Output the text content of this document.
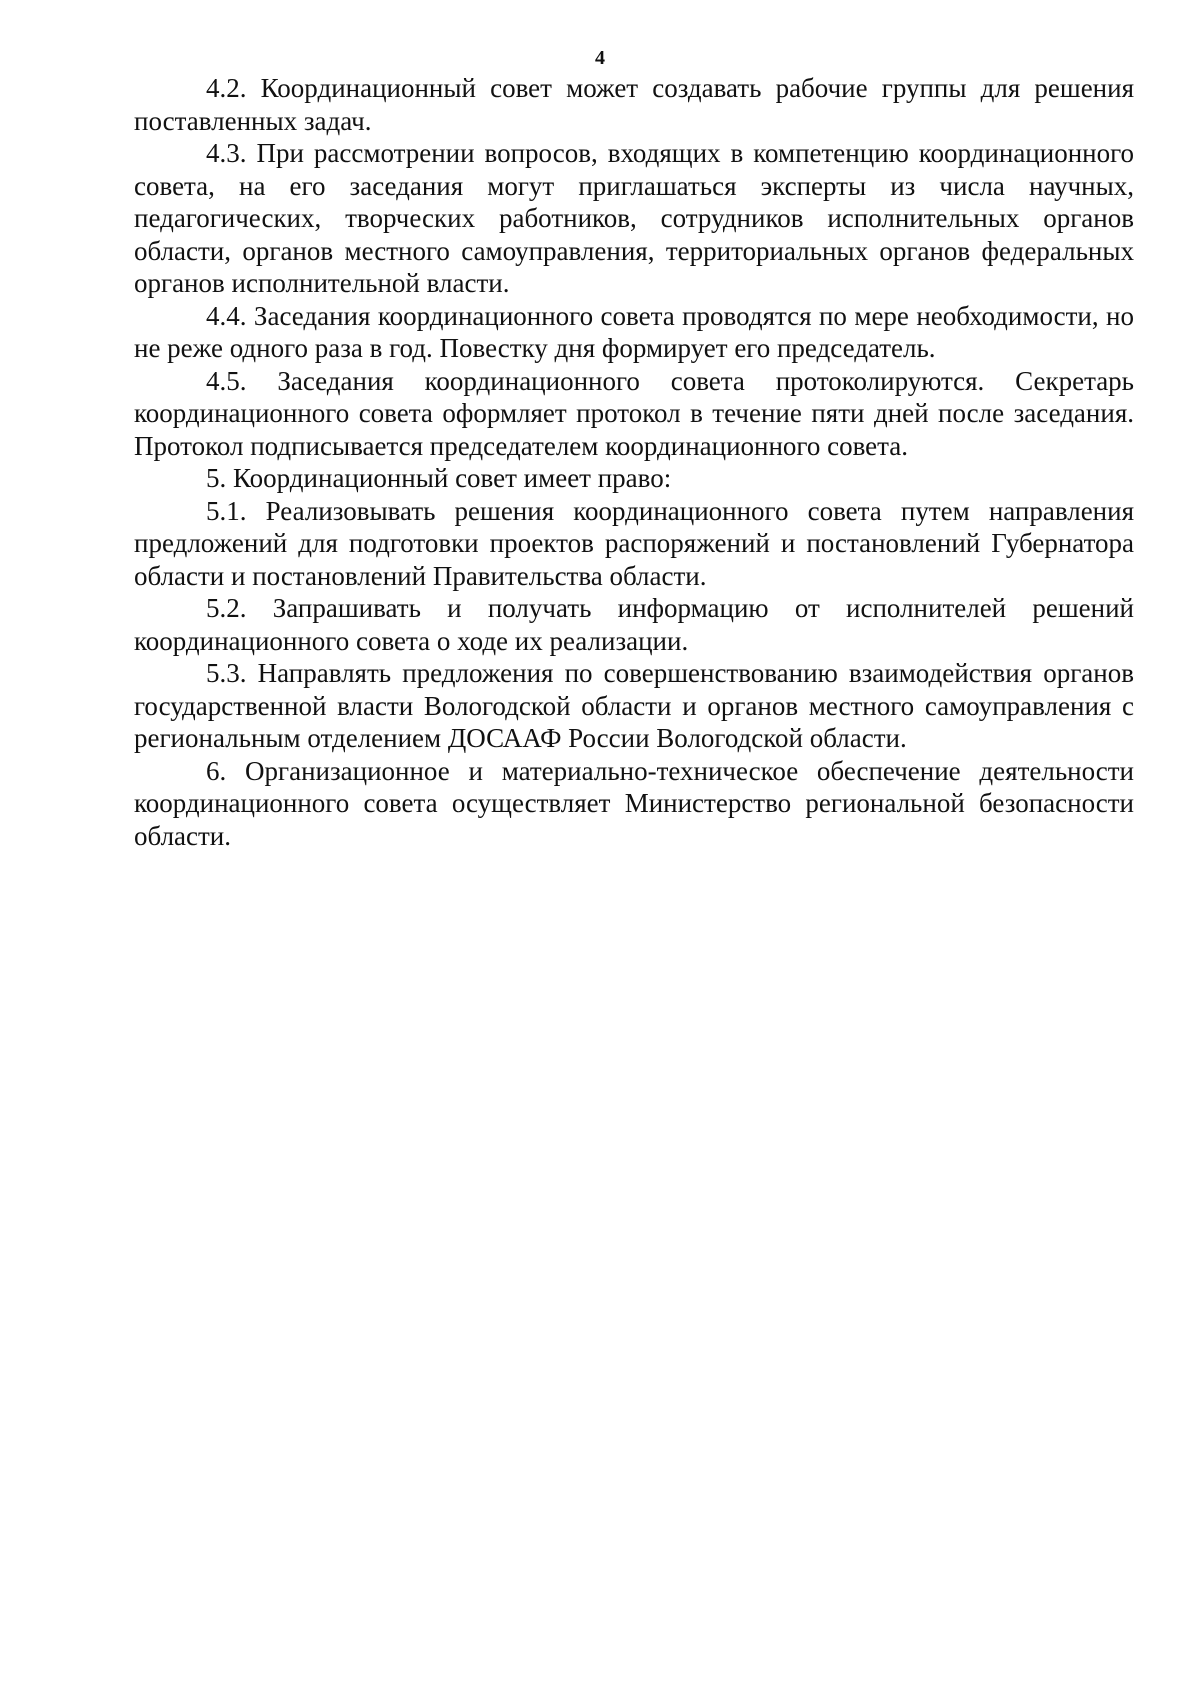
4

4.2. Координационный совет может создавать рабочие группы для решения поставленных задач.

4.3. При рассмотрении вопросов, входящих в компетенцию координационного совета, на его заседания могут приглашаться эксперты из числа научных, педагогических, творческих работников, сотрудников исполнительных органов области, органов местного самоуправления, территориальных органов федеральных органов исполнительной власти.

4.4. Заседания координационного совета проводятся по мере необходимости, но не реже одного раза в год. Повестку дня формирует его председатель.

4.5. Заседания координационного совета протоколируются. Секретарь координационного совета оформляет протокол в течение пяти дней после заседания. Протокол подписывается председателем координационного совета.

5. Координационный совет имеет право:

5.1. Реализовывать решения координационного совета путем направления предложений для подготовки проектов распоряжений и постановлений Губернатора области и постановлений Правительства области.

5.2. Запрашивать и получать информацию от исполнителей решений координационного совета о ходе их реализации.

5.3. Направлять предложения по совершенствованию взаимодействия органов государственной власти Вологодской области и органов местного самоуправления с региональным отделением ДОСААФ России Вологодской области.

6. Организационное и материально-техническое обеспечение деятельности координационного совета осуществляет Министерство региональной безопасности области.
